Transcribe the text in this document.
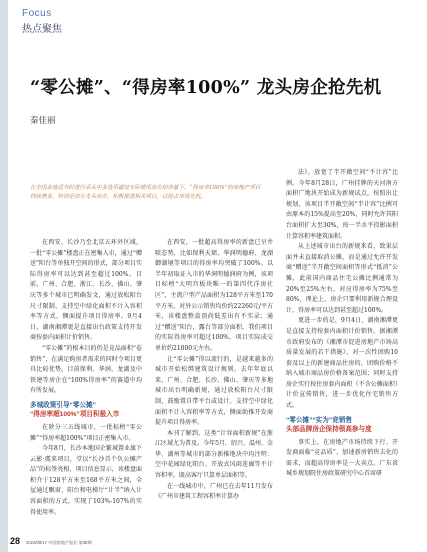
Focus
热点聚焦
“零公摊”、“得房率100%” 龙头房企抢先机
秦佳丽
在全国多地适当时进行采买中多选用建设实际使用单位的资量下，“得房率100%”的房地产项目持续增多，特别是部分龙头房企、积极推进相关项目，以抢占市场先机。

在西安、长沙乃至北京五环外区域，一批“零公摊”楼盘正在密集入市，通过“赠送”阳台等单独开空间的形式，部分项目实际得房率可以达到甚至超过100%。目前，广州、合肥、浙江、长沙、佛山、肇庆等多个城市已明确发文，通过放松阳台尺寸限制、支持空中绿化面积不计入容积率等方式，侧面提升项目得房率。9月4日，湖南湘潭更是直接出台政策支持开发商按套内面积计价销售。

“零公摊”的根本目的仍是竞品面积“卷销售”，在满足购房者需求的同时令项目更具比较优势。目前保利、华润、龙湖及中铁建等房企在“100%得房率”的赛道中均有所发展。

多城政策引导“零公摊”
“得房率超100%”项目积极入市

在陕分三五线城市，一批标榜“零公摊”“得房率超100%”项目正密集入市。

今年8月，长沙本地国企繁城置业旗下云影·虞来项目，堂以“长沙首个负公摊产品”的标签亮相，项目信息显示，该楼盘面积介于128平方米至168平方米之间，全屋通过飘窗、阳台和电梯厅“计半”纳入计容面积的方式，实现了103%-107%的实得使用率。

在西安，一批超高得房率的新盘已呈井喷态势，比如保利天珺、华润明德府、龙湖御湖境等项目的得房率均突破了100%。以半年初取证入市的华润明德润府为例，该项目标榜“大明宫板块唯一的第四代洋房社区”，主流户型产品面积为128平方米至170平方米，对外公示销售均价约22260元/平方米，该楼盘整盒顶尚低差出有不实录；通过“赠送”阳台、露台等部分面积，我们项目的实际得房率可超过100%，项目实际成交单价约21000元左右。

让“零公摊”得以流行的，是越来越多的城市开始松绑建筑设计规则。去年年底以来，广州、合肥、长沙、佛山、肇庆等多地城市出台明确新规，通过放松阳台尺寸限制，鼓励置自带平台或设计、支持空中绿化面积不计入容积率等方式，侧面助推开发商提升项目得房率。

本刊了解到，这类“计容面积新规”在浙江区域尤为普及。今年5月，绍兴、温州、金华、湖州等城市的部分新推地块中均注明：空中花园绿化阳台、开放式风雨连廊等不计容积率，既高客厅只算单层面积等。

在一线城市中，广州已在去年11月发布《广州市建筑工程容积率计算办

法》，放宽了半开敞空间“不计容”比例。今年8月28日，广州挂牌的天河南方面积广地块开始成为新规试点，按照出让规划，该项目半开敞空间“半计容”比例可由原本的15%提高至20%，同时允许其阳台面积扩大至30%，按一半水平投影面积计算容积率建筑面积。

从上述城市出台的新规来看，致果层面并未直接取消公摊，而是通过允许开发商“赠送”半开敞空间面积等形式“抵消”公摊，此前国内商品住宅公摊比例通常为20%至25%左右，对应得房率为75%至80%，理论上，房企只要利用新规合理设计，得房率可以达到甚至超过100%。

更进一步的是，9月4日，湖南湘潭更是直接支持按套内面积计价销售。据湘潭市政府发布的《湘潭市促进房地产市场高质量发展的若干措施》，对一次性团购10套及以上的新建商品住房的，团购价格不纳入城市商品房价格备案范围；同时支持房企实行按住房套内面积（不含公摊面积）计价宣传销售，进一步优化住宅销售方式。

“零公摊”“实为”竞销售
头部品牌房企保持领高参与度

事实上，在房地产市场持续下行、开发商面临“竞品质”、加速新房销售去化的需求，而超高得房率是一大卖点。广东省城乡规划院住房政策研究中心首席研

28 2024/09/17 中国房地产报社 第38期
